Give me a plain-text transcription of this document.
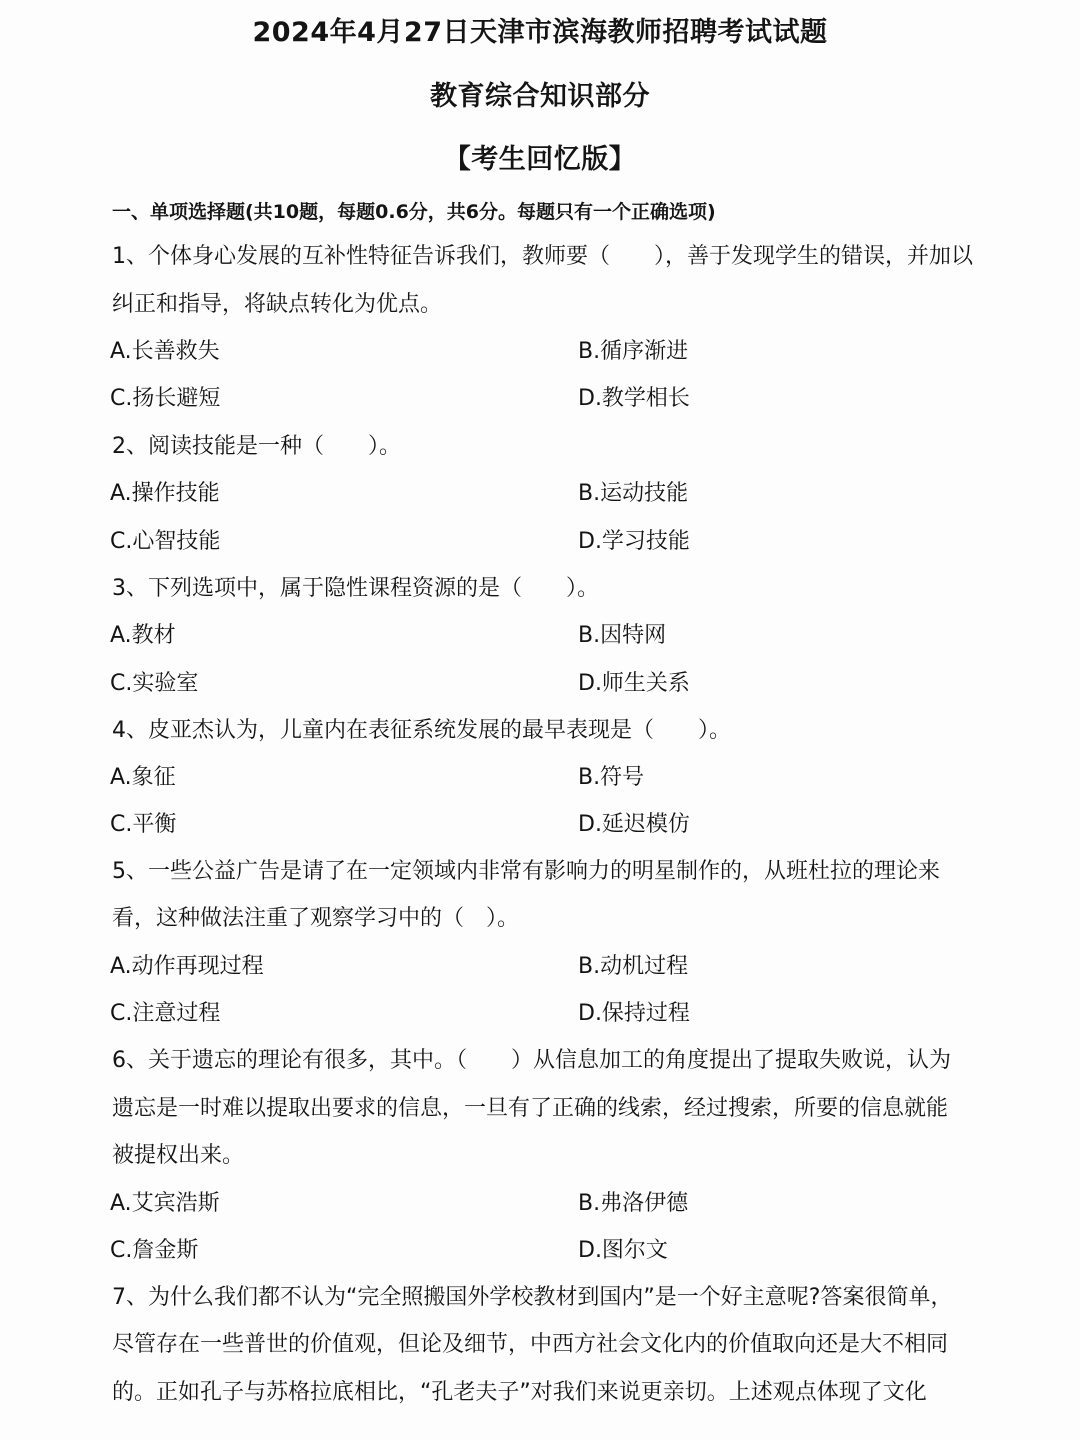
2024年4月27日天津市滨海教师招聘考试试题
教育综合知识部分
【考生回忆版】
一、单项选择题(共10题，每题0.6分，共6分。每题只有一个正确选项)
1、个体身心发展的互补性特征告诉我们，教师要（　　），善于发现学生的错误，并加以
纠正和指导，将缺点转化为优点。
A.长善救失	B.循序渐进
C.扬长避短	D.教学相长
2、阅读技能是一种（　　）。
A.操作技能	B.运动技能
C.心智技能	D.学习技能
3、下列选项中，属于隐性课程资源的是（　　）。
A.教材	B.因特网
C.实验室	D.师生关系
4、皮亚杰认为，儿童内在表征系统发展的最早表现是（　　）。
A.象征	B.符号
C.平衡	D.延迟模仿
5、一些公益广告是请了在一定领域内非常有影响力的明星制作的，从班杜拉的理论来
看，这种做法注重了观察学习中的（　）。
A.动作再现过程	B.动机过程
C.注意过程	D.保持过程
6、关于遗忘的理论有很多，其中。（　　）从信息加工的角度提出了提取失败说，认为
遗忘是一时难以提取出要求的信息，一旦有了正确的线索，经过搜索，所要的信息就能
被提权出来。
A.艾宾浩斯	B.弗洛伊德
C.詹金斯	D.图尔文
7、为什么我们都不认为“完全照搬国外学校教材到国内”是一个好主意呢?答案很简单，
尽管存在一些普世的价值观，但论及细节，中西方社会文化内的价值取向还是大不相同
的。正如孔子与苏格拉底相比，“孔老夫子”对我们来说更亲切。上述观点体现了文化
